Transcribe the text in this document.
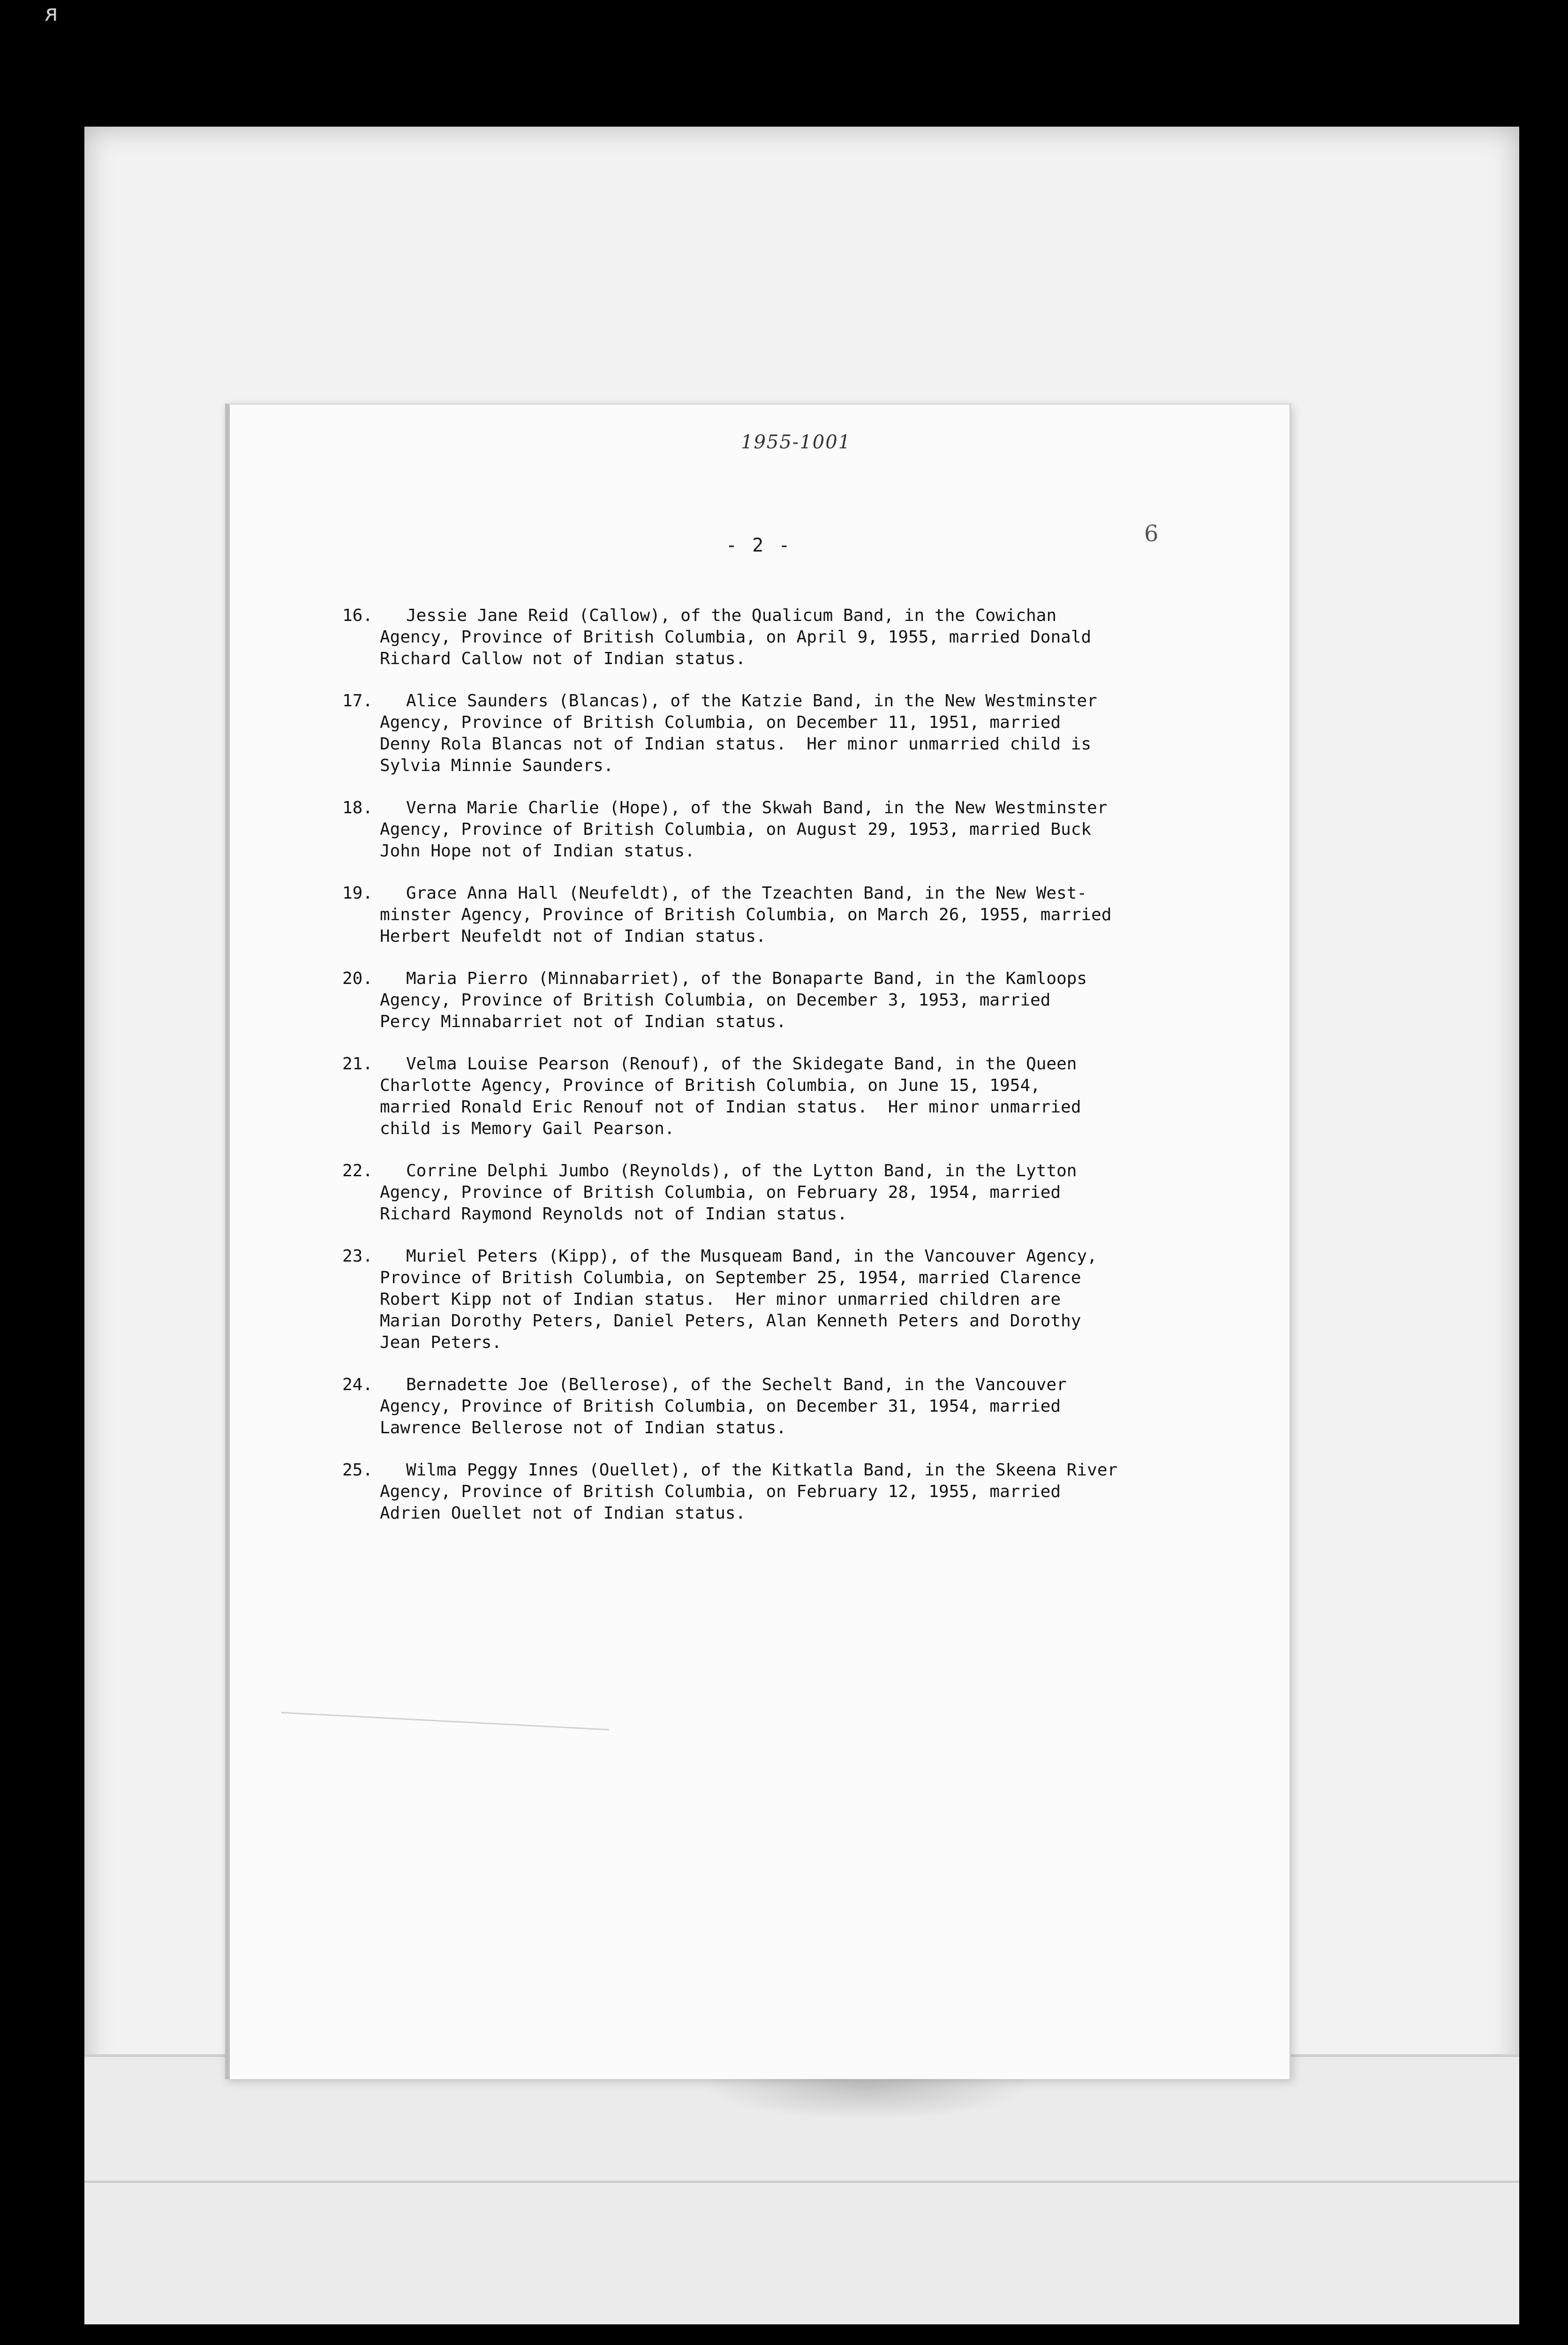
ᴙ
1955-1001
- 2 -	6
16.	Jessie Jane Reid (Callow), of the Qualicum Band, in the Cowichan
Agency, Province of British Columbia, on April 9, 1955, married Donald
Richard Callow not of Indian status.
17.	Alice Saunders (Blancas), of the Katzie Band, in the New Westminster
Agency, Province of British Columbia, on December 11, 1951, married
Denny Rola Blancas not of Indian status.  Her minor unmarried child is
Sylvia Minnie Saunders.
18.	Verna Marie Charlie (Hope), of the Skwah Band, in the New Westminster
Agency, Province of British Columbia, on August 29, 1953, married Buck
John Hope not of Indian status.
19.	Grace Anna Hall (Neufeldt), of the Tzeachten Band, in the New West-
minster Agency, Province of British Columbia, on March 26, 1955, married
Herbert Neufeldt not of Indian status.
20.	Maria Pierro (Minnabarriet), of the Bonaparte Band, in the Kamloops
Agency, Province of British Columbia, on December 3, 1953, married
Percy Minnabarriet not of Indian status.
21.	Velma Louise Pearson (Renouf), of the Skidegate Band, in the Queen
Charlotte Agency, Province of British Columbia, on June 15, 1954,
married Ronald Eric Renouf not of Indian status.  Her minor unmarried
child is Memory Gail Pearson.
22.	Corrine Delphi Jumbo (Reynolds), of the Lytton Band, in the Lytton
Agency, Province of British Columbia, on February 28, 1954, married
Richard Raymond Reynolds not of Indian status.
23.	Muriel Peters (Kipp), of the Musqueam Band, in the Vancouver Agency,
Province of British Columbia, on September 25, 1954, married Clarence
Robert Kipp not of Indian status.  Her minor unmarried children are
Marian Dorothy Peters, Daniel Peters, Alan Kenneth Peters and Dorothy
Jean Peters.
24.	Bernadette Joe (Bellerose), of the Sechelt Band, in the Vancouver
Agency, Province of British Columbia, on December 31, 1954, married
Lawrence Bellerose not of Indian status.
25.	Wilma Peggy Innes (Ouellet), of the Kitkatla Band, in the Skeena River
Agency, Province of British Columbia, on February 12, 1955, married
Adrien Ouellet not of Indian status.
